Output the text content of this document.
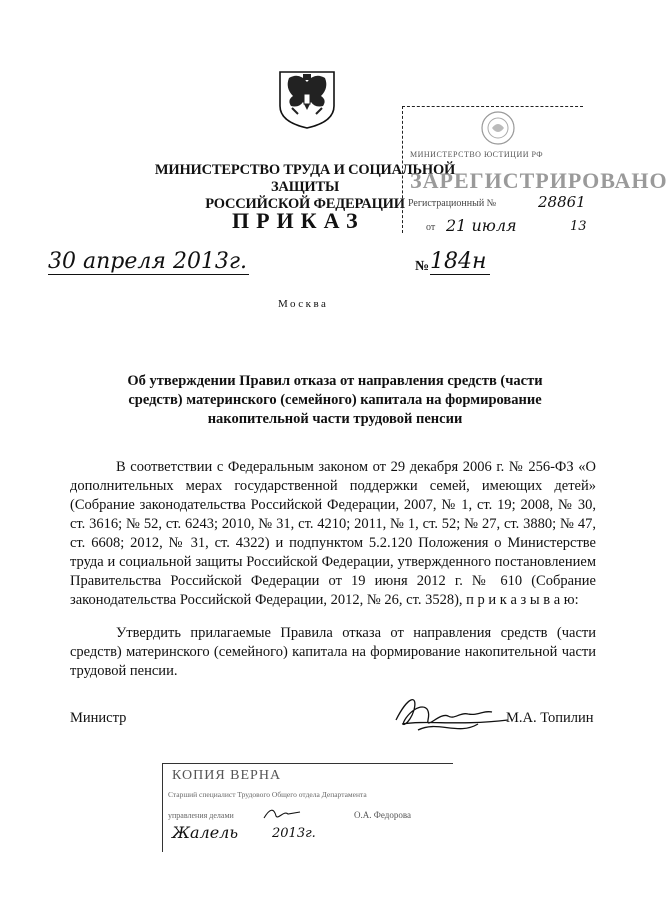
МИНИСТЕРСТВО ТРУДА И СОЦИАЛЬНОЙ ЗАЩИТЫ
РОССИЙСКОЙ ФЕДЕРАЦИИ
МИНИСТЕРСТВО ЮСТИЦИИ РФ
ЗАРЕГИСТРИРОВАНО
Регистрационный №	28861
от 21 июля	13
ПРИКАЗ
30 апреля 2013г.	№ 184н
Москва
Об утверждении Правил отказа от направления средств (части
средств) материнского (семейного) капитала на формирование
накопительной части трудовой пенсии
В соответствии с Федеральным законом от 29 декабря 2006 г. № 256-ФЗ «О дополнительных мерах государственной поддержки семей, имеющих детей» (Собрание законодательства Российской Федерации, 2007, № 1, ст. 19; 2008, № 30, ст. 3616; № 52, ст. 6243; 2010, № 31, ст. 4210; 2011, № 1, ст. 52; № 27, ст. 3880; № 47, ст. 6608; 2012, № 31, ст. 4322) и подпунктом 5.2.120 Положения о Министерстве труда и социальной защиты Российской Федерации, утвержденного постановлением Правительства Российской Федерации от 19 июня 2012 г. № 610 (Собрание законодательства Российской Федерации, 2012, № 26, ст. 3528), п р и к а з ы в а ю:
Утвердить прилагаемые Правила отказа от направления средств (части средств) материнского (семейного) капитала на формирование накопительной части трудовой пенсии.
Министр	М.А. Топилин
КОПИЯ ВЕРНА
Старший специалист Трудового Общего отдела Департамента
управления делами	О.А. Федорова
Жалель	2013г.
